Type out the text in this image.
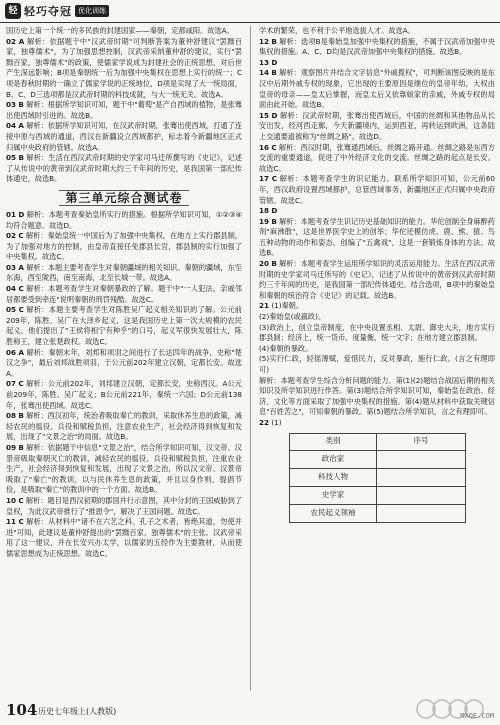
轻 轻巧夺冠 优化训练

国历史上第一个统一的多民族的封建国家——秦朝，定都咸阳。故选A。

02 A 解析：依据题干中"汉武帝时期"可判断答案为董仲舒建议"罢黜百家，独尊儒术"，为了加强思想控制，汉武帝采纳董仲舒的建议，实行"罢黜百家，独尊儒术"的政策，使儒家学说成为封建社会的正统思想，对后世产生深远影响；B项是秦朝统一后为加强中央集权在思想上实行的统一；C项是春秋时期的一确立了儒家学说的正统地位，D项是实现了大一统局面，B、C、D三选项都是汉武帝时期的科技成就，与大一统无关。故选A。

03 B 解析：根据所学知识可知，题干中"葡萄"是产自西域的植物，是张骞出使西域时引进的。故选B。

04 A 解析：依据所学知识可知，在汉武帝时期，张骞出使西域，打通了连接中原与西域的通道，西汉在新疆设立西域都护，标志着今新疆地区正式归属中央政府的管辖。故选A。

05 B 解析：生活在西汉武帝时期的史学家司马迁所撰写的《史记》，记述了从传说中的黄帝到汉武帝时期大约三千年间的历史，是我国第一部纪传体通史，故选B。

第三单元综合测试卷

01 D 解析：本题考查秦始皇所实行的措施。根据所学知识可知，①②③④均符合题意。故选D。

02 C 解析：秦始皇统一中国后为了加强中央集权，在地方上实行郡县制，为了加强对地方的控制，由皇帝直接任免郡县长官，郡县制的实行加强了中央集权。故选C。

03 A 解析：本题主要考查学生对秦朝疆域的相关知识。秦朝的疆域，东至东海，西至陇西，南至南海，北至长城一带。故选A。

04 C 解析：本题考查学生对秦朝暴政的了解。题干中"一人犯法，亲戚邻居都要受到牵连"说明秦朝的刑罚残酷。故选C。

05 C 解析：本题主要考查学生对陈胜吴广起义相关知识的了解。公元前209年，陈胜、吴广在大泽乡起义，这是我国历史上第一次大规模的农民起义，他们提出了"王侯将相宁有种乎"的口号，起义军很快发展壮大，陈胜称王，建立张楚政权。故选C。

06 A 解析：秦朝末年，刘邦和项羽之间进行了长达四年的战争，史称"楚汉之争"，最后刘邦战胜项羽，于公元前202年建立汉朝，定都长安。故选A。

07 C 解析：公元前202年，刘邦建立汉朝，定都长安，史称西汉。A公元前209年，陈胜、吴广起义；B公元前221年，秦统一六国；D公元前138年，张骞出使西域。故选C。

08 B 解析：西汉初年，统治者吸取秦亡的教训，采取休养生息的政策，减轻农民的徭役、兵役和赋税负担，注意农业生产，社会经济得到恢复和发展，出现了"文景之治"的局面。故选B。

09 B 解析：依据题干中信息"文景之治"，结合所学知识可知，汉文帝、汉景帝吸取秦朝灭亡的教训，减轻农民的徭役、兵役和赋税负担，注重农业生产，社会经济得到恢复和发展，出现了文景之治，所以汉文帝、汉景帝吸取了"秦亡"的教训，以与民休养生息的政策，并且以身作则，提倡节俭，是吸取"秦亡"的教训中的一个方面。故选B。

10 C 解析：题目是西汉初期的郡国并行示意图，其中分封的王国威胁到了皇权，为此汉武帝推行了"推恩令"，解决了王国问题。故选C。

11 C 解析：从材料中"诸不在六艺之科、孔子之术者，皆绝其道，勿使并进"可知，此建议是董仲舒提出的"罢黜百家，独尊儒术"的主张。汉武帝采用了这一建议，并在长安兴办太学，以儒家的五经作为主要教材，从而使儒家思想成为正统思想。故选C。

学术的繁荣，也不利于公平地选拔人才。故选A。

12 B 解析：选项B是秦始皇加强中央集权的措施，不属于汉武帝加强中央集权的措施。A、C、D均是汉武帝加强中央集权的措施。故选B。

13 D

14 B 解析：观察图片并结合文字信息"外戚揽权"，可判断该图反映的是东汉中后期外戚专权的现象，它出现的主要原因是继位的皇帝年幼，大权由皇帝的母亲——皇太后掌握，而皇太后又依靠娘家的亲戚，外戚专权的局面由此开始。故选B。

15 D 解析：汉武帝时期，张骞出使西域后，中国的丝绸和其他物品从长安出发，经河西走廊，今天新疆境内，运到西亚，再转运到欧洲，这条陆上交通要道被称为"丝绸之路"。故选D。

16 C 解析：西汉时期，张骞通西域后，丝绸之路开通。丝绸之路是东西方交流的重要通道，促进了中外经济文化的交流。丝绸之路的起点是长安。故选C。

17 C 解析：本题考查学生的识记能力。联系所学知识可知，公元前60年，西汉政府设置西域都护，总管西域事务，新疆地区正式归属中央政府管辖。故选C。

18 D

19 B 解析：本题考查学生识记历史基础知识的能力。华佗创制全身麻醉药剂"麻沸散"，这是世界医学史上的创举；华佗还模仿虎、鹿、熊、猿、鸟五种动物的动作和姿态，创编了"五禽戏"，这是一套锻炼身体的方法。故选B。

20 B 解析：本题考查学生运用所学知识的灵活运用能力。生活在西汉武帝时期的史学家司马迁所写的《史记》，记述了从传说中的黄帝到汉武帝时期约三千年间的历史，是我国第一部纪传体通史。结合选项，B项中的秦始皇和秦朝的统治符合《史记》的记载。故选B。

21 (1)秦朝。

(2)秦始皇(或嬴政)。

(3)政治上，创立皇帝制度，在中央设置丞相、太尉、御史大夫，地方实行郡县制；经济上，统一货币、度量衡，统一文字；在地方建立郡县制。

(4)秦朝的暴政。

(5)实行仁政，轻徭薄赋，爱惜民力，反对暴政，施行仁政。(言之有理即可)

解析：本题考查学生综合分析问题的能力。第(1)(2)题结合战国后期的相关知识及所学知识进行作答。第(3)题结合所学知识可知，秦始皇在政治、经济、文化等方面采取了加强中央集权的措施。第(4)题从材料中获取关键信息"百姓苦之"，可知秦朝的暴政。第(5)题结合所学知识，言之有理即可。

22 (1)

类别	序号
政治家	
科技人物	
史学家	
农民起义领袖	
104 历史七年级上(人教版)	MXQE.COM
